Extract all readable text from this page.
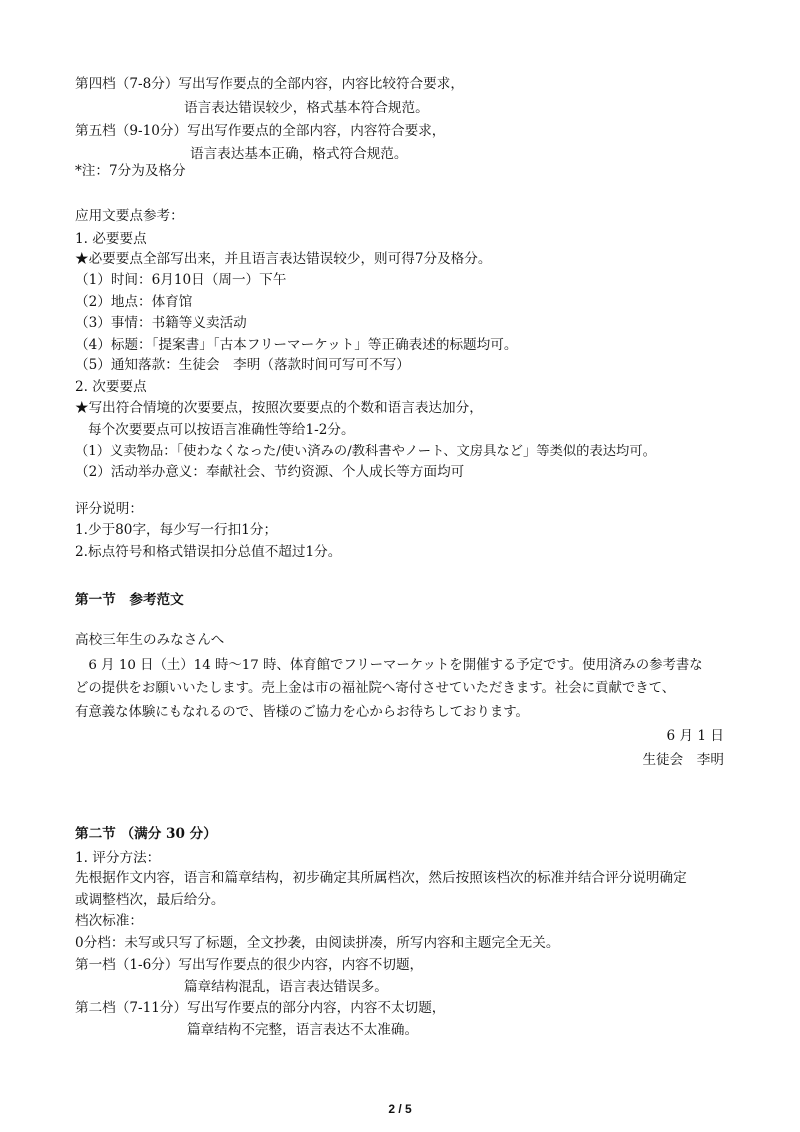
第四档（7-8分）写出写作要点的全部内容，内容比较符合要求，
语言表达错误较少，格式基本符合规范。
第五档（9-10分）写出写作要点的全部内容，内容符合要求，
语言表达基本正确，格式符合规范。
*注：7分为及格分
应用文要点参考：
1. 必要要点
★必要要点全部写出来，并且语言表达错误较少，则可得7分及格分。
（1）时间：6月10日（周一）下午
（2）地点：体育馆
（3）事情：书籍等义卖活动
（4）标题：「提案書」「古本フリーマーケット」等正确表述的标题均可。
（5）通知落款：生徒会　李明（落款时间可写可不写）
2. 次要要点
★写出符合情境的次要要点，按照次要要点的个数和语言表达加分，
每个次要要点可以按语言准确性等给1-2分。
（1）义卖物品：「使わなくなった/使い済みの/教科書やノート、文房具など」等类似的表达均可。
（2）活动举办意义：奉献社会、节约资源、个人成长等方面均可
评分说明：
1.少于80字，每少写一行扣1分；
2.标点符号和格式错误扣分总值不超过1分。
第一节　参考范文
高校三年生のみなさんへ
　6 月 10 日（土）14 時～17 時、体育館でフリーマーケットを開催する予定です。使用済みの参考書な
どの提供をお願いいたします。売上金は市の福祉院へ寄付させていただきます。社会に貢献できて、
有意義な体験にもなれるので、皆様のご協力を心からお待ちしております。
6 月 1 日
生徒会　李明
第二节 （满分 30 分）
1. 评分方法：
先根据作文内容，语言和篇章结构，初步确定其所属档次，然后按照该档次的标准并结合评分说明确定
或调整档次，最后给分。
档次标准：
0分档：未写或只写了标题，全文抄袭，由阅读拼凑，所写内容和主题完全无关。
第一档（1-6分）写出写作要点的很少内容，内容不切题，
篇章结构混乱，语言表达错误多。
第二档（7-11分）写出写作要点的部分内容，内容不太切题，
篇章结构不完整，语言表达不太准确。
2 / 5
